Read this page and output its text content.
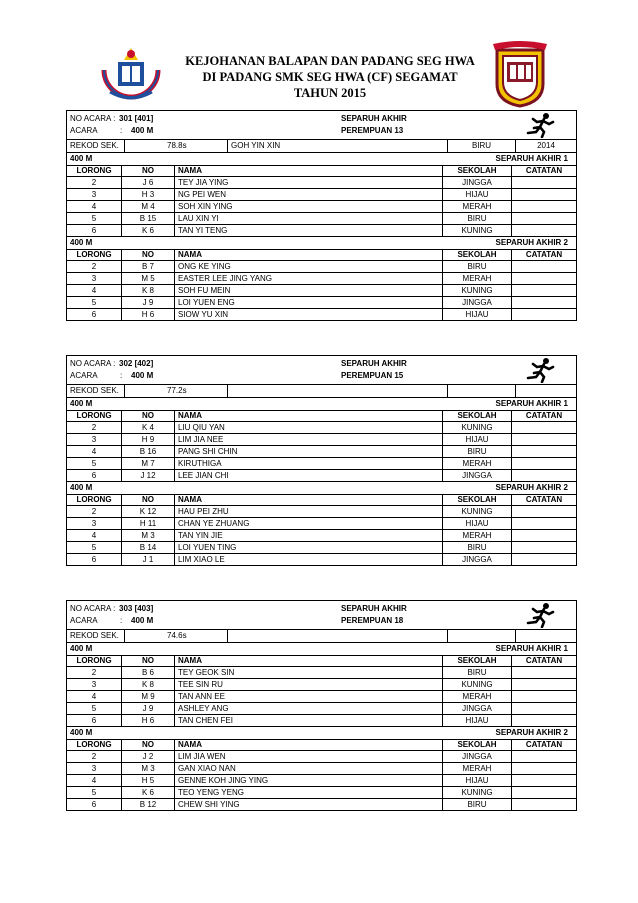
KEJOHANAN BALAPAN DAN PADANG SEG HWA
DI PADANG SMK SEG HWA (CF) SEGAMAT
TAHUN 2015
NO ACARA : 301 [401]
ACARA	: 400 M
SEPARUH AKHIR
PEREMPUAN 13
REKOD SEK.	78.8s	GOH YIN XIN	BIRU	2014
400 M	SEPARUH AKHIR 1
LORONG	NO	NAMA	SEKOLAH	CATATAN
2	J 6	TEY JIA YING	JINGGA	
3	H 3	NG PEI WEN	HIJAU	
4	M 4	SOH XIN YING	MERAH	
5	B 15	LAU XIN YI	BIRU	
6	K 6	TAN YI TENG	KUNING	
400 M	SEPARUH AKHIR 2
LORONG	NO	NAMA	SEKOLAH	CATATAN
2	B 7	ONG KE YING	BIRU	
3	M 5	EASTER LEE JING YANG	MERAH	
4	K 8	SOH FU MEIN	KUNING	
5	J 9	LOI YUEN ENG	JINGGA	
6	H 6	SIOW YU XIN	HIJAU	
NO ACARA : 302 [402]
ACARA	: 400 M
SEPARUH AKHIR
PEREMPUAN 15
REKOD SEK.	77.2s
400 M	SEPARUH AKHIR 1
LORONG	NO	NAMA	SEKOLAH	CATATAN
2	K 4	LIU QIU YAN	KUNING	
3	H 9	LIM JIA NEE	HIJAU	
4	B 16	PANG SHI CHIN	BIRU	
5	M 7	KIRUTHIGA	MERAH	
6	J 12	LEE JIAN CHI	JINGGA	
400 M	SEPARUH AKHIR 2
LORONG	NO	NAMA	SEKOLAH	CATATAN
2	K 12	HAU PEI ZHU	KUNING	
3	H 11	CHAN YE ZHUANG	HIJAU	
4	M 3	TAN YIN JIE	MERAH	
5	B 14	LOI YUEN TING	BIRU	
6	J 1	LIM XIAO LE	JINGGA	
NO ACARA : 303 [403]
ACARA	: 400 M
SEPARUH AKHIR
PEREMPUAN 18
REKOD SEK.	74.6s
400 M	SEPARUH AKHIR 1
LORONG	NO	NAMA	SEKOLAH	CATATAN
2	B 6	TEY GEOK SIN	BIRU	
3	K 8	TEE SIN RU	KUNING	
4	M 9	TAN ANN EE	MERAH	
5	J 9	ASHLEY ANG	JINGGA	
6	H 6	TAN CHEN FEI	HIJAU	
400 M	SEPARUH AKHIR 2
LORONG	NO	NAMA	SEKOLAH	CATATAN
2	J 2	LIM JIA WEN	JINGGA	
3	M 3	GAN XIAO NAN	MERAH	
4	H 5	GENNE KOH JING YING	HIJAU	
5	K 6	TEO YENG YENG	KUNING	
6	B 12	CHEW SHI YING	BIRU	
